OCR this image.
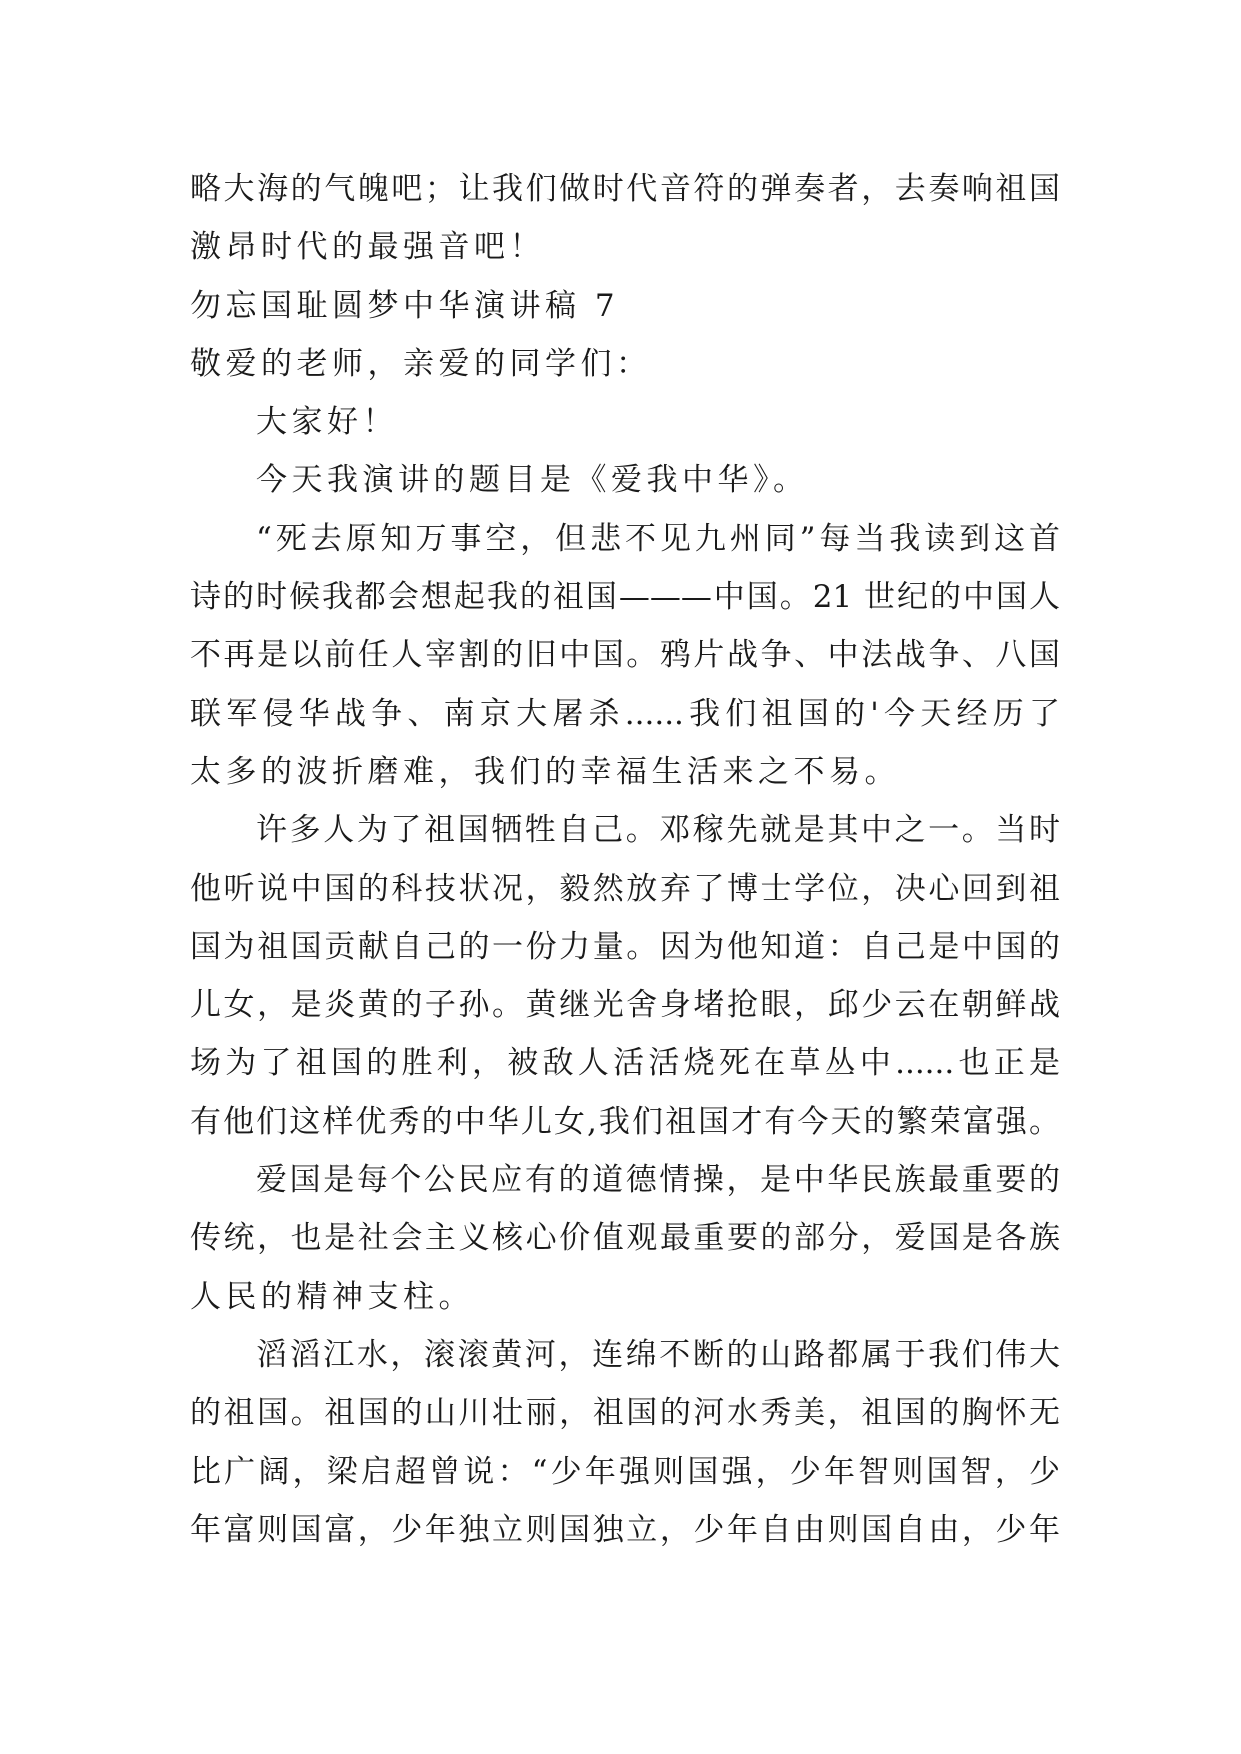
略大海的气魄吧；让我们做时代音符的弹奏者，去奏响祖国
激昂时代的最强音吧！
勿忘国耻圆梦中华演讲稿 7
敬爱的老师，亲爱的同学们：
大家好！
今天我演讲的题目是《爱我中华》。
“死去原知万事空，但悲不见九州同”每当我读到这首
诗的时候我都会想起我的祖国———中国。21 世纪的中国人
不再是以前任人宰割的旧中国。鸦片战争、中法战争、八国
联军侵华战争、南京大屠杀......我们祖国的'今天经历了
太多的波折磨难，我们的幸福生活来之不易。
许多人为了祖国牺牲自己。邓稼先就是其中之一。当时
他听说中国的科技状况，毅然放弃了博士学位，决心回到祖
国为祖国贡献自己的一份力量。因为他知道：自己是中国的
儿女，是炎黄的子孙。黄继光舍身堵抢眼，邱少云在朝鲜战
场为了祖国的胜利，被敌人活活烧死在草丛中......也正是
有他们这样优秀的中华儿女,我们祖国才有今天的繁荣富强。
爱国是每个公民应有的道德情操，是中华民族最重要的
传统，也是社会主义核心价值观最重要的部分，爱国是各族
人民的精神支柱。
滔滔江水，滚滚黄河，连绵不断的山路都属于我们伟大
的祖国。祖国的山川壮丽，祖国的河水秀美，祖国的胸怀无
比广阔，梁启超曾说：“少年强则国强，少年智则国智，少
年富则国富，少年独立则国独立，少年自由则国自由，少年
